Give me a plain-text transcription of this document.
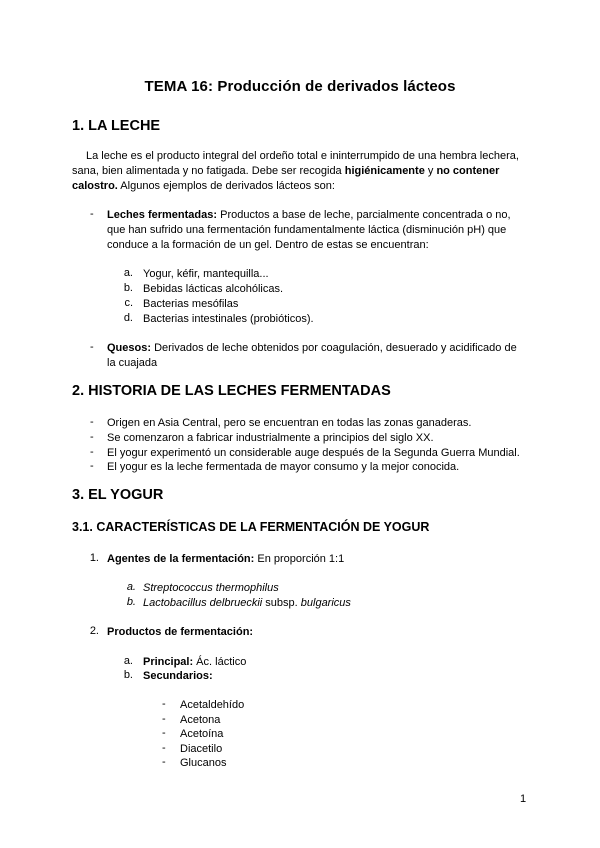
TEMA 16: Producción de derivados lácteos
1. LA LECHE
La leche es el producto integral del ordeño total e ininterrumpido de una hembra lechera,
sana, bien alimentada y no fatigada. Debe ser recogida higiénicamente y no contener
calostro. Algunos ejemplos de derivados lácteos son:
- Leches fermentadas: Productos a base de leche, parcialmente concentrada o no,
que han sufrido una fermentación fundamentalmente láctica (disminución pH) que
conduce a la formación de un gel. Dentro de estas se encuentran:
a. Yogur, kéfir, mantequilla...
b. Bebidas lácticas alcohólicas.
c. Bacterias mesófilas
d. Bacterias intestinales (probióticos).
- Quesos: Derivados de leche obtenidos por coagulación, desuerado y acidificado de
la cuajada
2. HISTORIA DE LAS LECHES FERMENTADAS
- Origen en Asia Central, pero se encuentran en todas las zonas ganaderas.
- Se comenzaron a fabricar industrialmente a principios del siglo XX.
- El yogur experimentó un considerable auge después de la Segunda Guerra Mundial.
- El yogur es la leche fermentada de mayor consumo y la mejor conocida.
3. EL YOGUR
3.1. CARACTERÍSTICAS DE LA FERMENTACIÓN DE YOGUR
1. Agentes de la fermentación: En proporción 1:1
a. Streptococcus thermophilus
b. Lactobacillus delbrueckii subsp. bulgaricus
2. Productos de fermentación:
a. Principal: Ác. láctico
b. Secundarios:
- Acetaldehído
- Acetona
- Acetoína
- Diacetilo
- Glucanos
1
